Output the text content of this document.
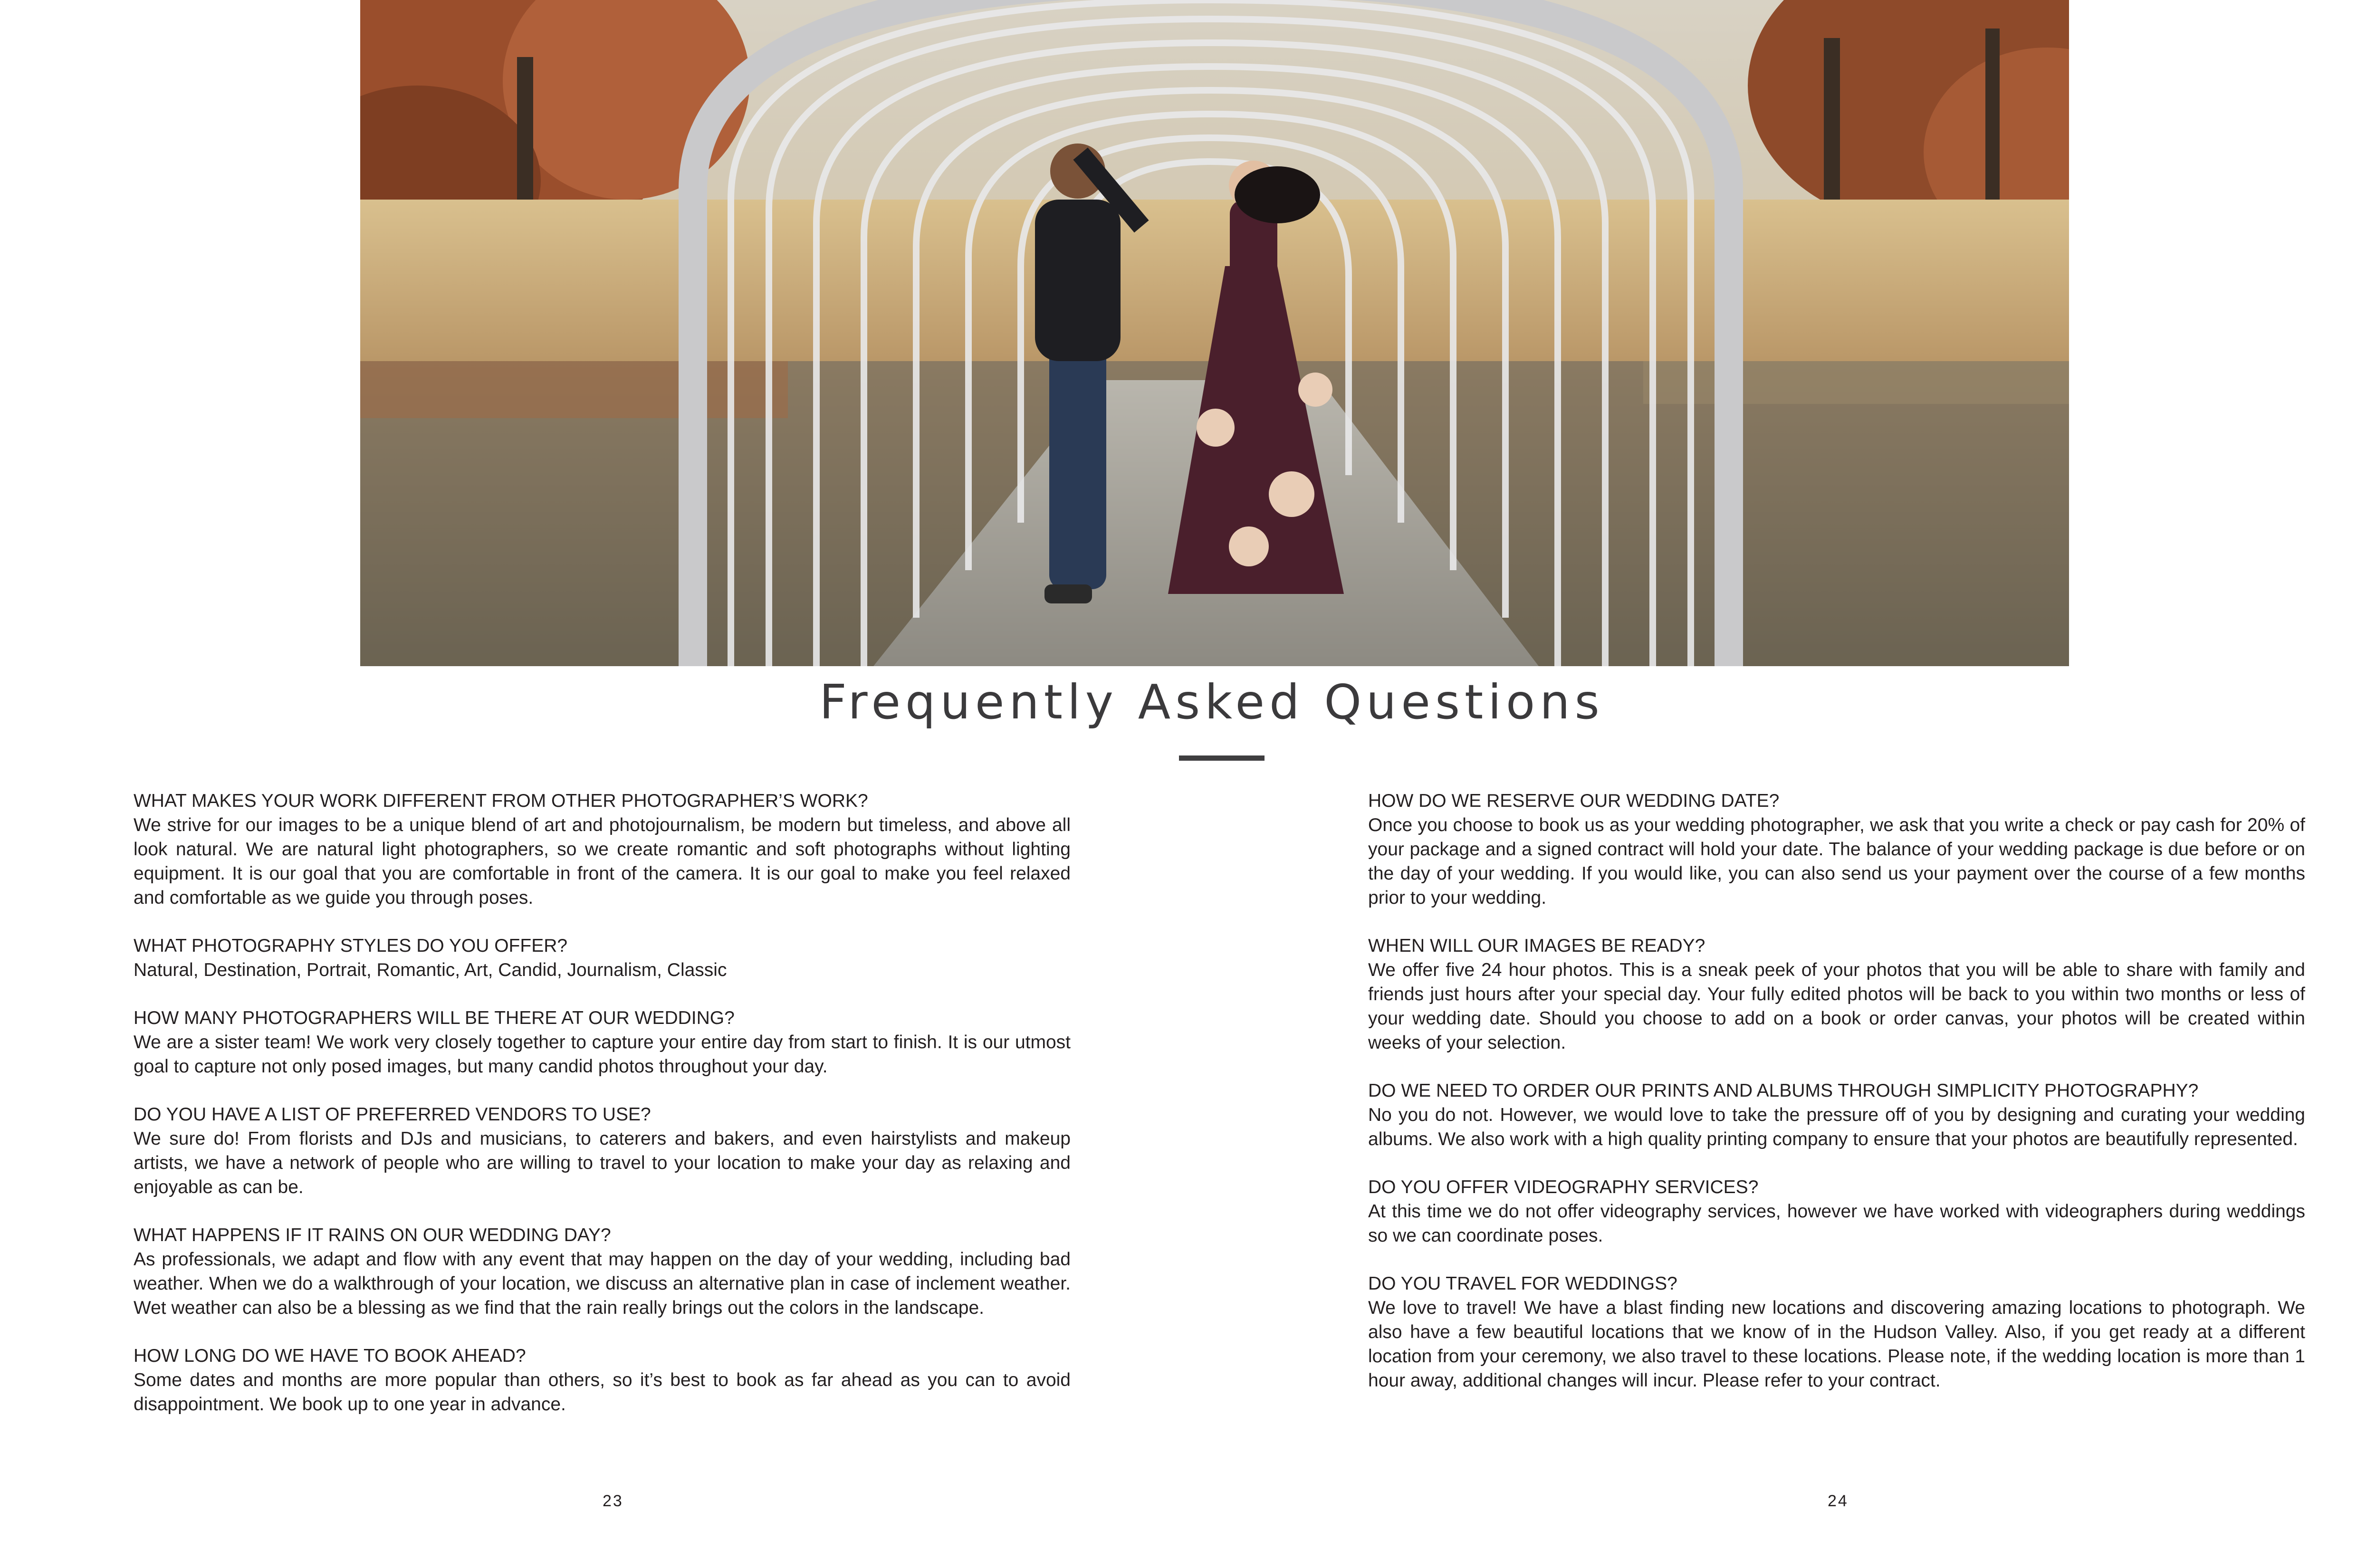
Frequently Asked Questions

WHAT MAKES YOUR WORK DIFFERENT FROM OTHER PHOTOGRAPHER’S WORK?

We strive for our images to be a unique blend of art and photojournalism, be modern but timeless, and above all look natural. We are natural light photographers, so we create romantic and soft photographs without lighting equipment. It is our goal that you are comfortable in front of the camera. It is our goal to make you feel relaxed and comfortable as we guide you through poses.

WHAT PHOTOGRAPHY STYLES DO YOU OFFER?

Natural, Destination, Portrait, Romantic, Art, Candid, Journalism, Classic

HOW MANY PHOTOGRAPHERS WILL BE THERE AT OUR WEDDING?

We are a sister team! We work very closely together to capture your entire day from start to finish. It is our utmost goal to capture not only posed images, but many candid photos throughout your day.

DO YOU HAVE A LIST OF PREFERRED VENDORS TO USE?

We sure do! From florists and DJs and musicians, to caterers and bakers, and even hairstylists and makeup artists, we have a network of people who are willing to travel to your location to make your day as relaxing and enjoyable as can be.

WHAT HAPPENS IF IT RAINS ON OUR WEDDING DAY?

As professionals, we adapt and flow with any event that may happen on the day of your wedding, including bad weather. When we do a walkthrough of your location, we discuss an alternative plan in case of inclement weather. Wet weather can also be a blessing as we find that the rain really brings out the colors in the landscape.

HOW LONG DO WE HAVE TO BOOK AHEAD?

Some dates and months are more popular than others, so it’s best to book as far ahead as you can to avoid disappointment. We book up to one year in advance.

HOW DO WE RESERVE OUR WEDDING DATE?

Once you choose to book us as your wedding photographer, we ask that you write a check or pay cash for 20% of your package and a signed contract will hold your date. The balance of your wedding package is due before or on the day of your wedding. If you would like, you can also send us your payment over the course of a few months prior to your wedding.

WHEN WILL OUR IMAGES BE READY?

We offer five 24 hour photos. This is a sneak peek of your photos that you will be able to share with family and friends just hours after your special day. Your fully edited photos will be back to you within two months or less of your wedding date. Should you choose to add on a book or order canvas, your photos will be created within weeks of your selection.

DO WE NEED TO ORDER OUR PRINTS AND ALBUMS THROUGH SIMPLICITY PHOTOGRAPHY?

No you do not. However, we would love to take the pressure off of you by designing and curating your wedding albums. We also work with a high quality printing company to ensure that your photos are beautifully represented.

DO YOU OFFER VIDEOGRAPHY SERVICES?

At this time we do not offer videography services, however we have worked with videographers during weddings so we can coordinate poses.

DO YOU TRAVEL FOR WEDDINGS?

We love to travel! We have a blast finding new locations and discovering amazing locations to photograph. We also have a few beautiful locations that we know of in the Hudson Valley. Also, if you get ready at a different location from your ceremony, we also travel to these locations. Please note, if the wedding location is more than 1 hour away, additional changes will incur. Please refer to your contract.

23	24
